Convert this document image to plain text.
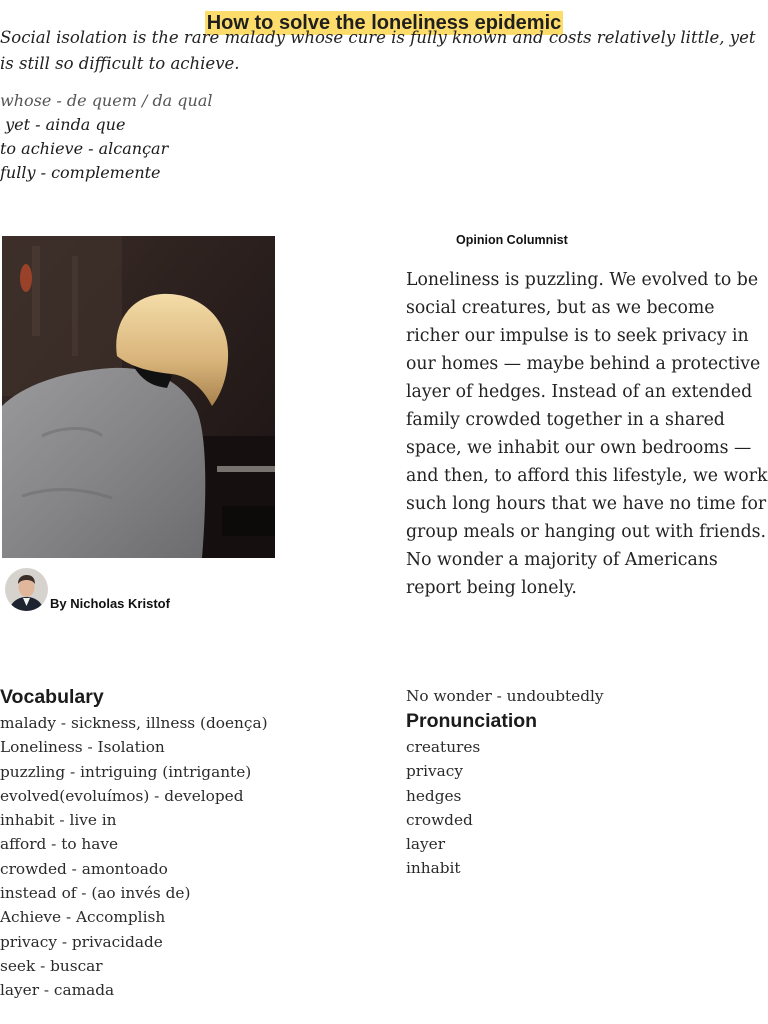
How to solve the loneliness epidemic

Social isolation is the rare malady whose cure is fully known and costs relatively little, yet is still so difficult to achieve.

whose - de quem / da qual
yet - ainda que
to achieve - alcançar
fully - complemente
By Nicholas Kristof
Opinion Columnist

Loneliness is puzzling. We evolved to be social creatures, but as we become richer our impulse is to seek privacy in our homes — maybe behind a protective layer of hedges. Instead of an extended family crowded together in a shared space, we inhabit our own bedrooms — and then, to afford this lifestyle, we work such long hours that we have no time for group meals or hanging out with friends. No wonder a majority of Americans report being lonely.

Vocabulary
malady - sickness, illness (doença)
Loneliness - Isolation
puzzling - intriguing (intrigante)
evolved(evoluímos) - developed
inhabit - live in
afford - to have
crowded - amontoado
instead of - (ao invés de)
Achieve - Accomplish
privacy - privacidade
seek - buscar
layer - camada
No wonder - undoubtedly
Pronunciation
creatures
privacy
hedges
crowded
layer
inhabit
